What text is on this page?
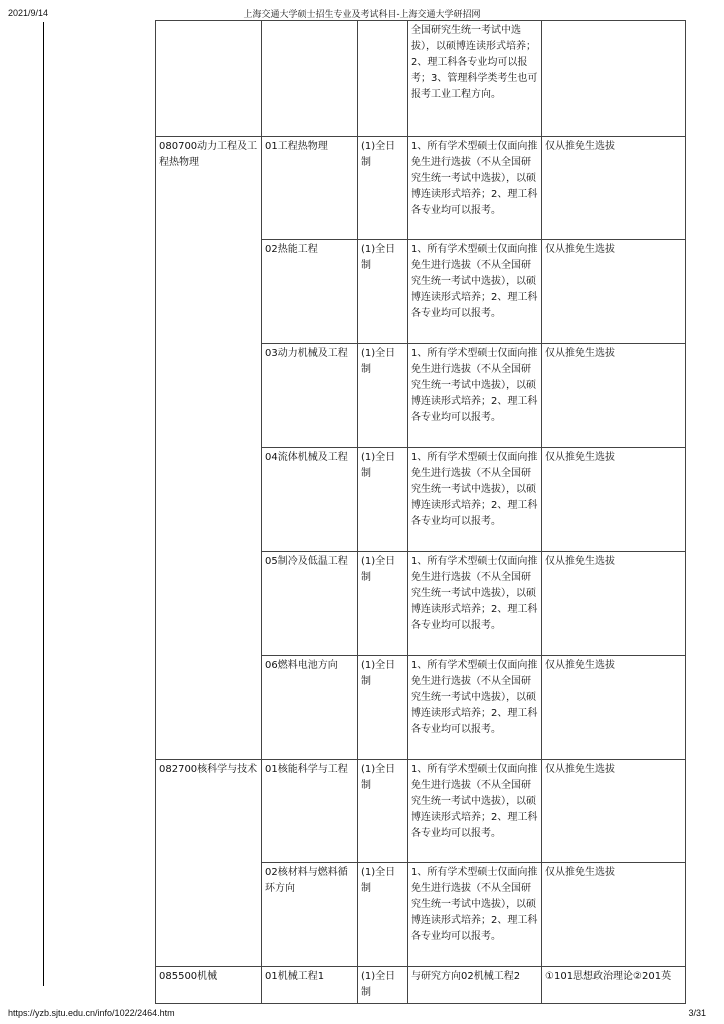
2021/9/14	上海交通大学硕士招生专业及考试科目-上海交通大学研招网
			全国研究生统一考试中选拔），以硕博连读形式培养；2、理工科各专业均可以报考；3、管理科学类考生也可报考工业工程方向。	
080700动力工程及工程热物理	01工程热物理	(1)全日制	1、所有学术型硕士仅面向推免生进行选拔（不从全国研究生统一考试中选拔），以硕博连读形式培养；2、理工科各专业均可以报考。	仅从推免生选拔
	02热能工程	(1)全日制	1、所有学术型硕士仅面向推免生进行选拔（不从全国研究生统一考试中选拔），以硕博连读形式培养；2、理工科各专业均可以报考。	仅从推免生选拔
	03动力机械及工程	(1)全日制	1、所有学术型硕士仅面向推免生进行选拔（不从全国研究生统一考试中选拔），以硕博连读形式培养；2、理工科各专业均可以报考。	仅从推免生选拔
	04流体机械及工程	(1)全日制	1、所有学术型硕士仅面向推免生进行选拔（不从全国研究生统一考试中选拔），以硕博连读形式培养；2、理工科各专业均可以报考。	仅从推免生选拔
	05制冷及低温工程	(1)全日制	1、所有学术型硕士仅面向推免生进行选拔（不从全国研究生统一考试中选拔），以硕博连读形式培养；2、理工科各专业均可以报考。	仅从推免生选拔
	06燃料电池方向	(1)全日制	1、所有学术型硕士仅面向推免生进行选拔（不从全国研究生统一考试中选拔），以硕博连读形式培养；2、理工科各专业均可以报考。	仅从推免生选拔
082700核科学与技术	01核能科学与工程	(1)全日制	1、所有学术型硕士仅面向推免生进行选拔（不从全国研究生统一考试中选拔），以硕博连读形式培养；2、理工科各专业均可以报考。	仅从推免生选拔
	02核材料与燃料循环方向	(1)全日制	1、所有学术型硕士仅面向推免生进行选拔（不从全国研究生统一考试中选拔），以硕博连读形式培养；2、理工科各专业均可以报考。	仅从推免生选拔
085500机械	01机械工程1	(1)全日制	与研究方向02机械工程2	①101思想政治理论②201英
https://yzb.sjtu.edu.cn/info/1022/2464.htm	3/31
